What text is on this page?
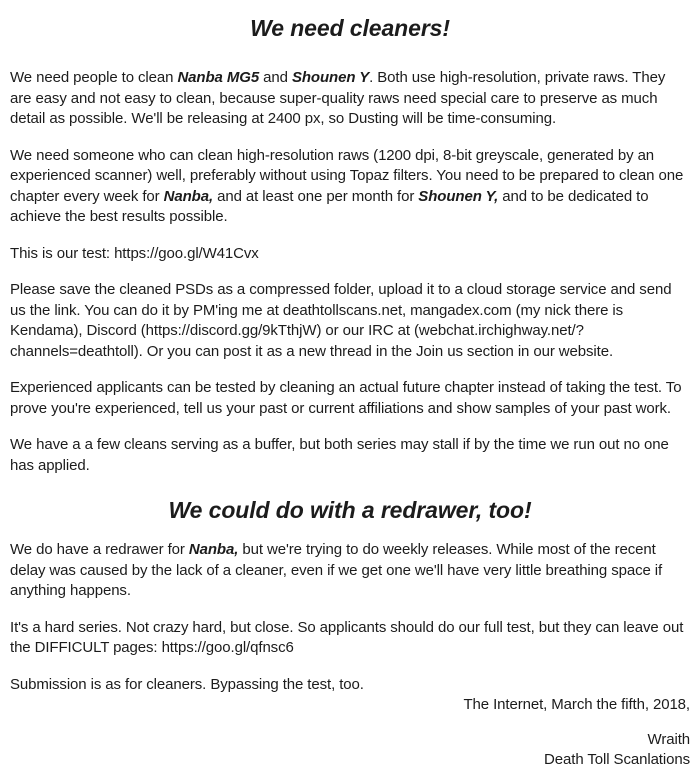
We need cleaners!

We need people to clean Nanba MG5 and Shounen Y. Both use high-resolution, private raws. They are easy and not easy to clean, because super-quality raws need special care to preserve as much detail as possible. We'll be releasing at 2400 px, so Dusting will be time-consuming.

We need someone who can clean high-resolution raws (1200 dpi, 8-bit greyscale, generated by an experienced scanner) well, preferably without using Topaz filters. You need to be prepared to clean one chapter every week for Nanba, and at least one per month for Shounen Y, and to be dedicated to achieve the best results possible.

This is our test: https://goo.gl/W41Cvx

Please save the cleaned PSDs as a compressed folder, upload it to a cloud storage service and send us the link. You can do it by PM'ing me at deathtollscans.net, mangadex.com (my nick there is Kendama), Discord (https://discord.gg/9kTthjW) or our IRC at (webchat.irchighway.net/?channels=deathtoll). Or you can post it as a new thread in the Join us section in our website.

Experienced applicants can be tested by cleaning an actual future chapter instead of taking the test. To prove you're experienced, tell us your past or current affiliations and show samples of your past work.

We have a a few cleans serving as a buffer, but both series may stall if by the time we run out no one has applied.

We could do with a redrawer, too!

We do have a redrawer for Nanba, but we're trying to do weekly releases. While most of the recent delay was caused by the lack of a cleaner, even if we get one we'll have very little breathing space if anything happens.

It's a hard series. Not crazy hard, but close. So applicants should do our full test, but they can leave out the DIFFICULT pages: https://goo.gl/qfnsc6

Submission is as for cleaners. Bypassing the test, too.

The Internet, March the fifth, 2018,
Wraith
Death Toll Scanlations
